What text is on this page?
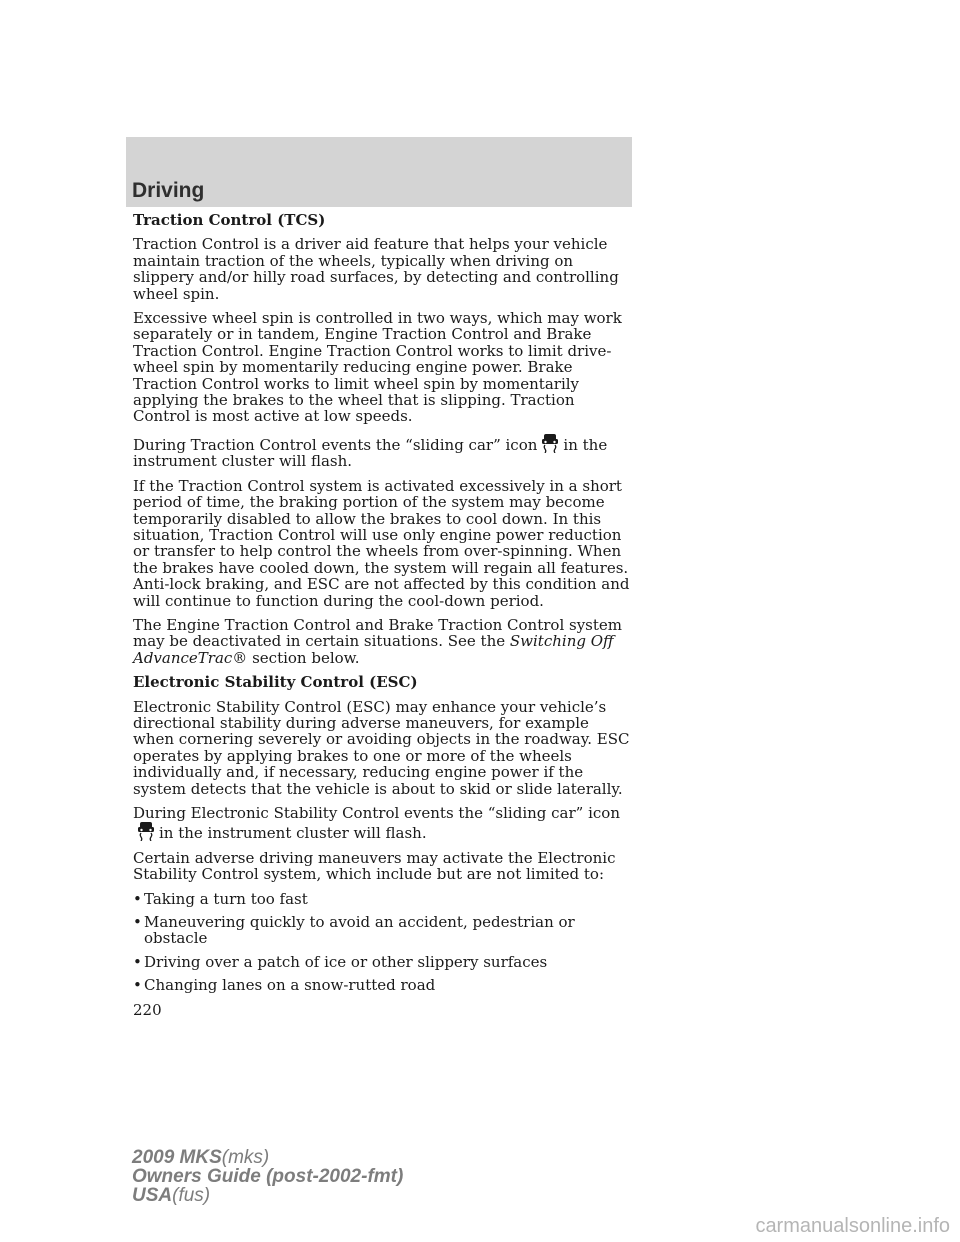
Driving

Traction Control (TCS)

Traction Control is a driver aid feature that helps your vehicle maintain traction of the wheels, typically when driving on slippery and/or hilly road surfaces, by detecting and controlling wheel spin.

Excessive wheel spin is controlled in two ways, which may work separately or in tandem, Engine Traction Control and Brake Traction Control. Engine Traction Control works to limit drive-wheel spin by momentarily reducing engine power. Brake Traction Control works to limit wheel spin by momentarily applying the brakes to the wheel that is slipping. Traction Control is most active at low speeds.

During Traction Control events the “sliding car” icon in the instrument cluster will flash.

If the Traction Control system is activated excessively in a short period of time, the braking portion of the system may become temporarily disabled to allow the brakes to cool down. In this situation, Traction Control will use only engine power reduction or transfer to help control the wheels from over-spinning. When the brakes have cooled down, the system will regain all features. Anti-lock braking, and ESC are not affected by this condition and will continue to function during the cool-down period.

The Engine Traction Control and Brake Traction Control system may be deactivated in certain situations. See the Switching Off AdvanceTrac® section below.

Electronic Stability Control (ESC)

Electronic Stability Control (ESC) may enhance your vehicle’s directional stability during adverse maneuvers, for example when cornering severely or avoiding objects in the roadway. ESC operates by applying brakes to one or more of the wheels individually and, if necessary, reducing engine power if the system detects that the vehicle is about to skid or slide laterally.

During Electronic Stability Control events the “sliding car” icon
in the instrument cluster will flash.

Certain adverse driving maneuvers may activate the Electronic Stability Control system, which include but are not limited to:

• Taking a turn too fast
• Maneuvering quickly to avoid an accident, pedestrian or obstacle
• Driving over a patch of ice or other slippery surfaces
• Changing lanes on a snow-rutted road
220
2009 MKS(mks)
Owners Guide (post-2002-fmt)
USA(fus)
carmanualsonline.info
